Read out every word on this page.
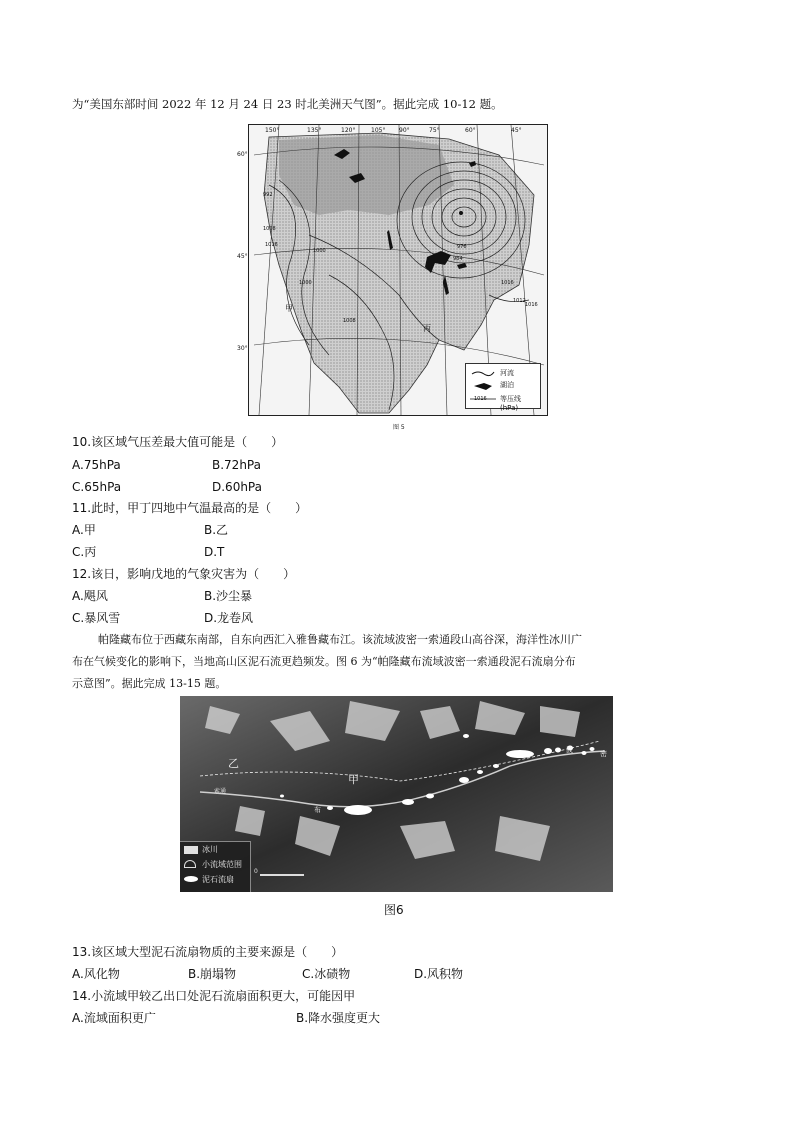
为“美国东部时间 2022 年 12 月 24 日 23 时北美洲天气图”。据此完成 10-12 题。
150°	135°	120°	105° 90°	75°	60°	45°
60°
45°
30°
992
1008
1016
1000
976
984
1016
1012
1016
1000
1008
甲
丙
河流
湖泊
等压线 (hPa)
1016
图 5
10.该区域气压差最大值可能是（　　）
A.75hPa	B.72hPa
C.65hPa	D.60hPa
11.此时，甲丁四地中气温最高的是（　　）
A.甲	B.乙
C.丙	D.T
12.该日，影响戊地的气象灾害为（　　）
A.飓风	B.沙尘暴
C.暴风雪	D.龙卷风
帕隆藏布位于西藏东南部，自东向西汇入雅鲁藏布江。该流域波密一索通段山高谷深，海洋性冰川广
布在气候变化的影响下，当地高山区泥石流更趋频发。图 6 为“帕隆藏布流域波密一索通段泥石流扇分布
示意图”。据此完成 13-15 题。
乙
甲
索通
布
波	密
冰川
小流域范围
泥石流扇
0
图6
13.该区域大型泥石流扇物质的主要来源是（　　）
A.风化物	B.崩塌物	C.冰碛物	D.风积物
14.小流域甲较乙出口处泥石流扇面积更大，可能因甲
A.流域面积更广	B.降水强度更大
